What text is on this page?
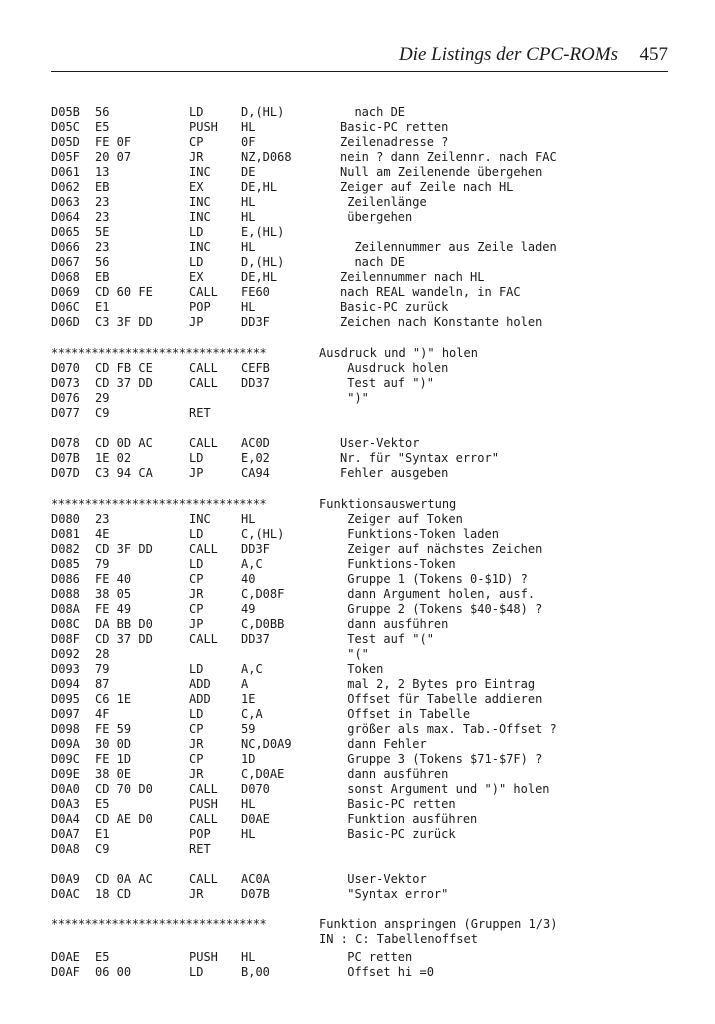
Die Listings der CPC-ROMs 457
D05B 56	LD	D,(HL)	nach DE
D05C E5	PUSH HL	Basic-PC retten
D05D FE 0F	CP	0F	Zeilenadresse ?
D05F 20 07	JR	NZ,D068	nein ? dann Zeilennr. nach FAC
D061 13	INC	DE	Null am Zeilenende übergehen
D062 EB	EX	DE,HL	Zeiger auf Zeile nach HL
D063 23	INC	HL	Zeilenlänge
D064 23	INC	HL	übergehen
D065 5E	LD	E,(HL)
D066 23	INC	HL	Zeilennummer aus Zeile laden
D067 56	LD	D,(HL)	nach DE
D068 EB	EX	DE,HL	Zeilennummer nach HL
D069 CD 60 FE	CALL FE60	nach REAL wandeln, in FAC
D06C E1	POP	HL	Basic-PC zurück
D06D C3 3F DD	JP	DD3F	Zeichen nach Konstante holen
********************************	Ausdruck und ")" holen
D070 CD FB CE	CALL CEFB	Ausdruck holen
D073 CD 37 DD	CALL DD37	Test auf ")"
D076 29	")"
D077 C9	RET
D078 CD 0D AC	CALL AC0D	User-Vektor
D07B 1E 02	LD	E,02	Nr. für "Syntax error"
D07D C3 94 CA	JP	CA94	Fehler ausgeben
********************************	Funktionsauswertung
D080 23	INC	HL	Zeiger auf Token
D081 4E	LD	C,(HL)	Funktions-Token laden
D082 CD 3F DD	CALL DD3F	Zeiger auf nächstes Zeichen
D085 79	LD	A,C	Funktions-Token
D086 FE 40	CP	40	Gruppe 1 (Tokens 0-$1D) ?
D088 38 05	JR	C,D08F	dann Argument holen, ausf.
D08A FE 49	CP	49	Gruppe 2 (Tokens $40-$48) ?
D08C DA BB D0	JP	C,D0BB	dann ausführen
D08F CD 37 DD	CALL DD37	Test auf "("
D092 28	"("
D093 79	LD	A,C	Token
D094 87	ADD	A	mal 2, 2 Bytes pro Eintrag
D095 C6 1E	ADD	1E	Offset für Tabelle addieren
D097 4F	LD	C,A	Offset in Tabelle
D098 FE 59	CP	59	größer als max. Tab.-Offset ?
D09A 30 0D	JR	NC,D0A9	dann Fehler
D09C FE 1D	CP	1D	Gruppe 3 (Tokens $71-$7F) ?
D09E 38 0E	JR	C,D0AE	dann ausführen
D0A0 CD 70 D0	CALL D070	sonst Argument und ")" holen
D0A3 E5	PUSH HL	Basic-PC retten
D0A4 CD AE D0	CALL D0AE	Funktion ausführen
D0A7 E1	POP	HL	Basic-PC zurück
D0A8 C9	RET
D0A9 CD 0A AC	CALL AC0A	User-Vektor
D0AC 18 CD	JR	D07B	"Syntax error"
********************************	Funktion anspringen (Gruppen 1/3)
IN : C: Tabellenoffset
D0AE E5	PUSH HL	PC retten
D0AF 06 00	LD	B,00	Offset hi =0
